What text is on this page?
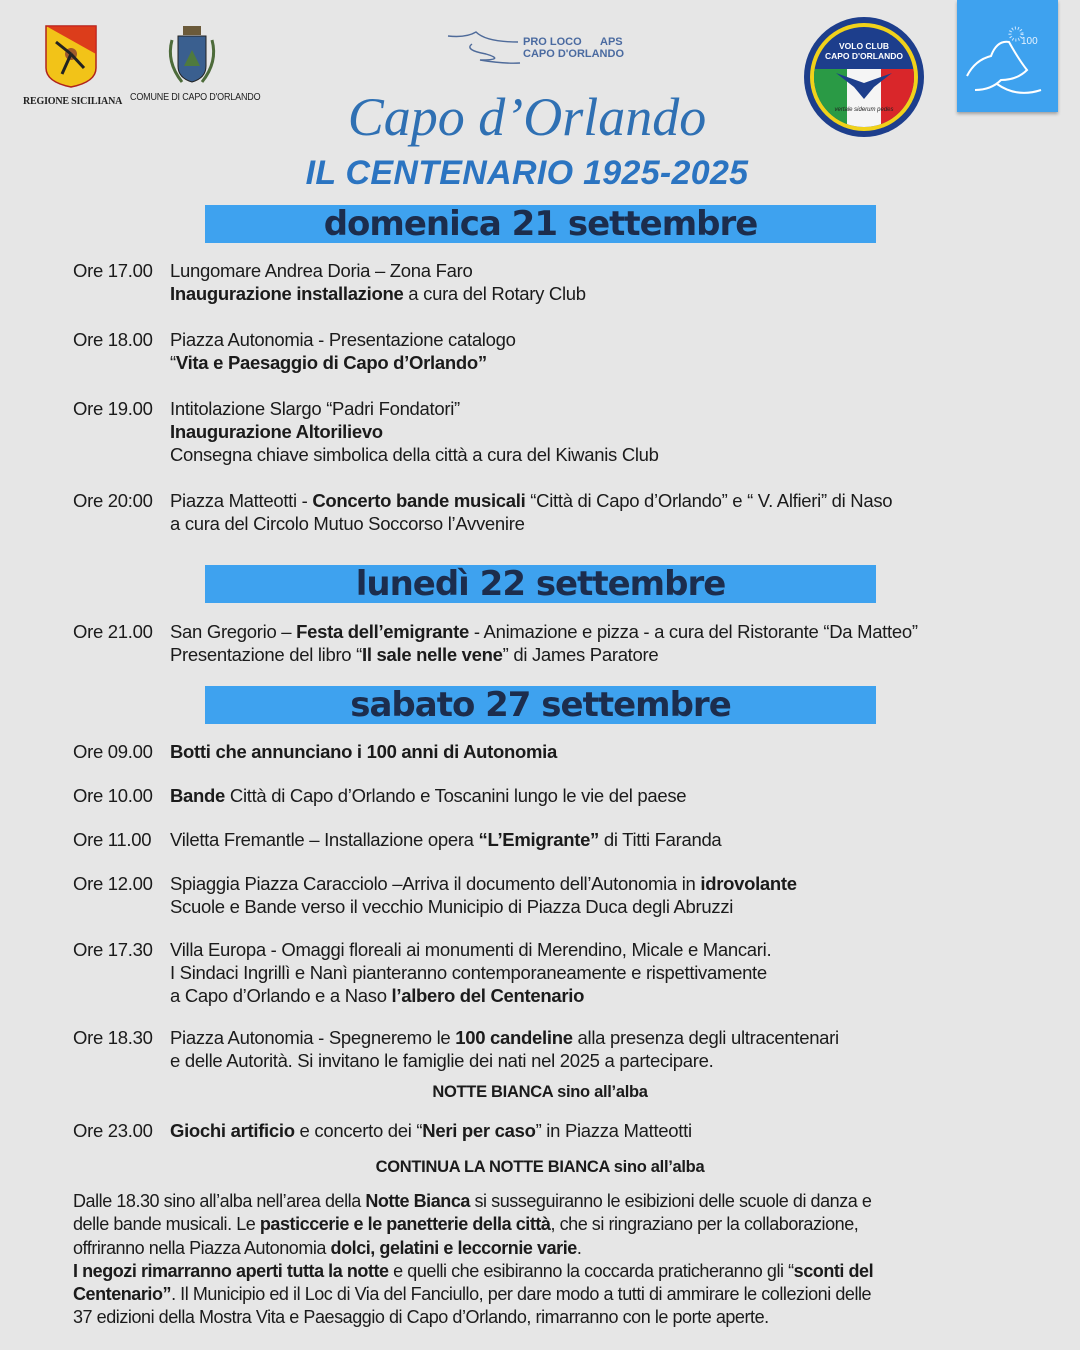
REGIONE SICILIANA COMUNE DI CAPO D'ORLANDO
PRO LOCO APS
CAPO D'ORLANDO
VOLO CLUB
CAPO D'ORLANDO
vertale siderum pedes
100
Capo d’Orlando
IL CENTENARIO 1925-2025
domenica 21 settembre
lunedì 22 settembre
sabato 27 settembre
Ore 17.00 Lungomare Andrea Doria – Zona Faro
Inaugurazione installazione a cura del Rotary Club
Ore 18.00 Piazza Autonomia - Presentazione catalogo
“Vita e Paesaggio di Capo d’Orlando”
Ore 19.00 Intitolazione Slargo “Padri Fondatori”
Inaugurazione Altorilievo
Consegna chiave simbolica della città a cura del Kiwanis Club
Ore 20:00 Piazza Matteotti - Concerto bande musicali “Città di Capo d’Orlando” e “ V. Alfieri” di Naso
a cura del Circolo Mutuo Soccorso l’Avvenire
Ore 21.00 San Gregorio – Festa dell’emigrante - Animazione e pizza - a cura del Ristorante “Da Matteo”
Presentazione del libro “Il sale nelle vene” di James Paratore
Ore 09.00 Botti che annunciano i 100 anni di Autonomia
Ore 10.00 Bande Città di Capo d’Orlando e Toscanini lungo le vie del paese
Ore 11.00 Viletta Fremantle – Installazione opera “L’Emigrante” di Titti Faranda
Ore 12.00 Spiaggia Piazza Caracciolo –Arriva il documento dell’Autonomia in idrovolante
Scuole e Bande verso il vecchio Municipio di Piazza Duca degli Abruzzi
Ore 17.30 Villa Europa - Omaggi floreali ai monumenti di Merendino, Micale e Mancari.
I Sindaci Ingrillì e Nanì pianteranno contemporaneamente e rispettivamente
a Capo d’Orlando e a Naso l’albero del Centenario
Ore 18.30 Piazza Autonomia - Spegneremo le 100 candeline alla presenza degli ultracentenari
e delle Autorità. Si invitano le famiglie dei nati nel 2025 a partecipare.
Ore 23.00 Giochi artificio e concerto dei “Neri per caso” in Piazza Matteotti
NOTTE BIANCA sino all’alba
CONTINUA LA NOTTE BIANCA sino all’alba
Dalle 18.30 sino all’alba nell’area della Notte Bianca si susseguiranno le esibizioni delle scuole di danza e
delle bande musicali. Le pasticcerie e le panetterie della città, che si ringraziano per la collaborazione,
offriranno nella Piazza Autonomia dolci, gelatini e leccornie varie.
I negozi rimarranno aperti tutta la notte e quelli che esibiranno la coccarda praticheranno gli “sconti del
Centenario”. Il Municipio ed il Loc di Via del Fanciullo, per dare modo a tutti di ammirare le collezioni delle
37 edizioni della Mostra Vita e Paesaggio di Capo d’Orlando, rimarranno con le porte aperte.
